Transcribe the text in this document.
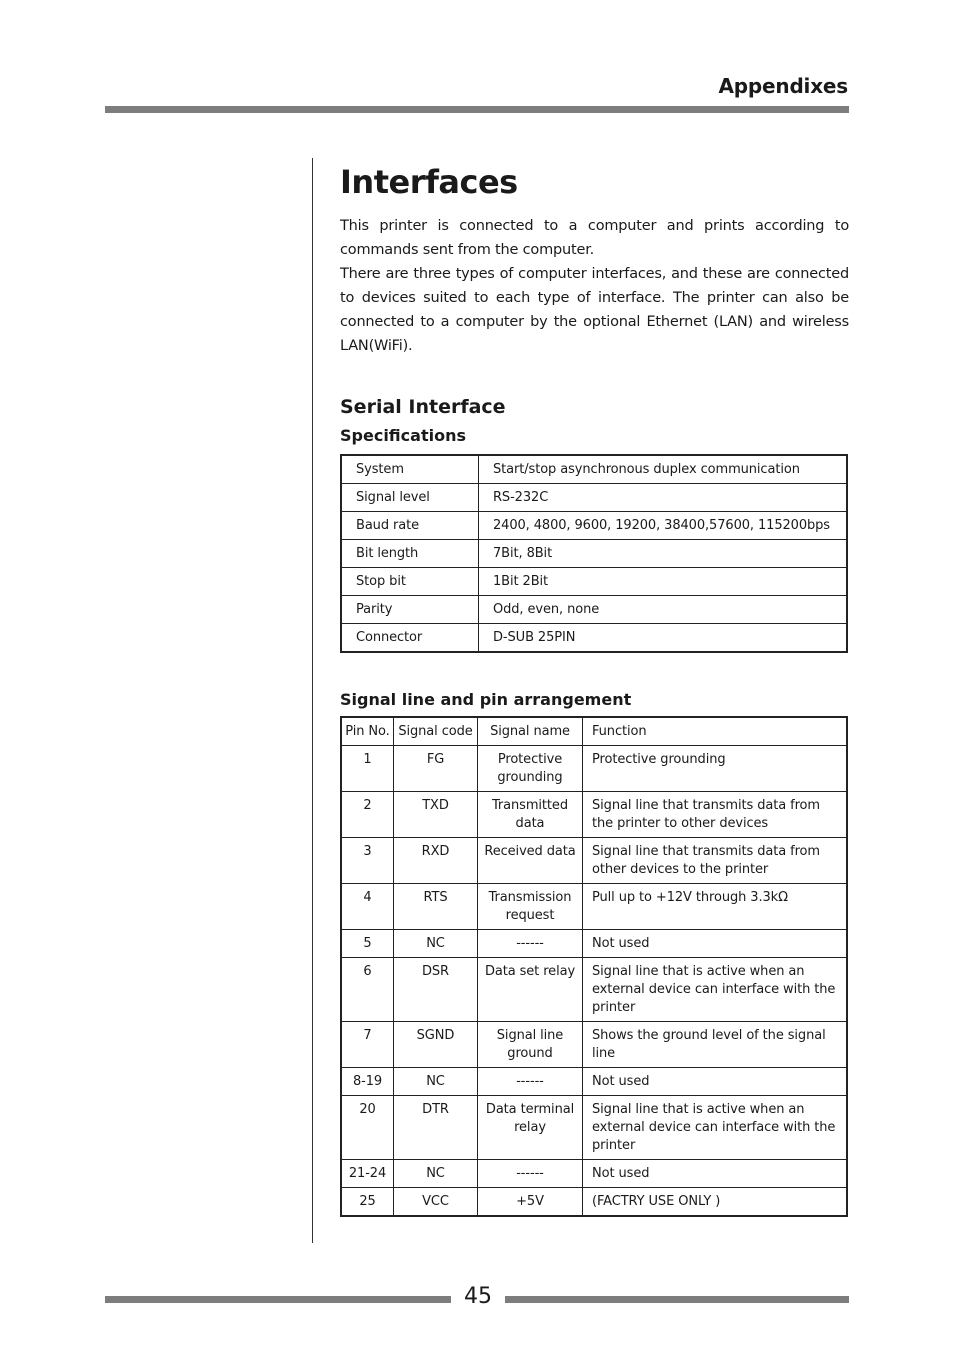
Appendixes
Interfaces

This printer is connected to a computer and prints according to commands sent from the computer.

There are three types of computer interfaces, and these are connected to devices suited to each type of interface. The printer can also be connected to a computer by the optional Ethernet (LAN) and wireless LAN(WiFi).

Serial Interface
Specifications
System	Start/stop asynchronous duplex communication
Signal level	RS-232C
Baud rate	2400, 4800, 9600, 19200, 38400,57600, 115200bps
Bit length	7Bit, 8Bit
Stop bit	1Bit 2Bit
Parity	Odd, even, none
Connector	D-SUB 25PIN
Signal line and pin arrangement
Pin No.	Signal code	Signal name	Function
1	FG	Protective grounding	Protective grounding
2	TXD	Transmitted data	Signal line that transmits data from the printer to other devices
3	RXD	Received data	Signal line that transmits data from other devices to the printer
4	RTS	Transmission request	Pull up to +12V through 3.3kΩ
5	NC	------	Not used
6	DSR	Data set relay	Signal line that is active when an external device can interface with the printer
7	SGND	Signal line ground	Shows the ground level of the signal line
8-19	NC	------	Not used
20	DTR	Data terminal relay	Signal line that is active when an external device can interface with the printer
21-24	NC	------	Not used
25	VCC	+5V	(FACTRY USE ONLY )
45
